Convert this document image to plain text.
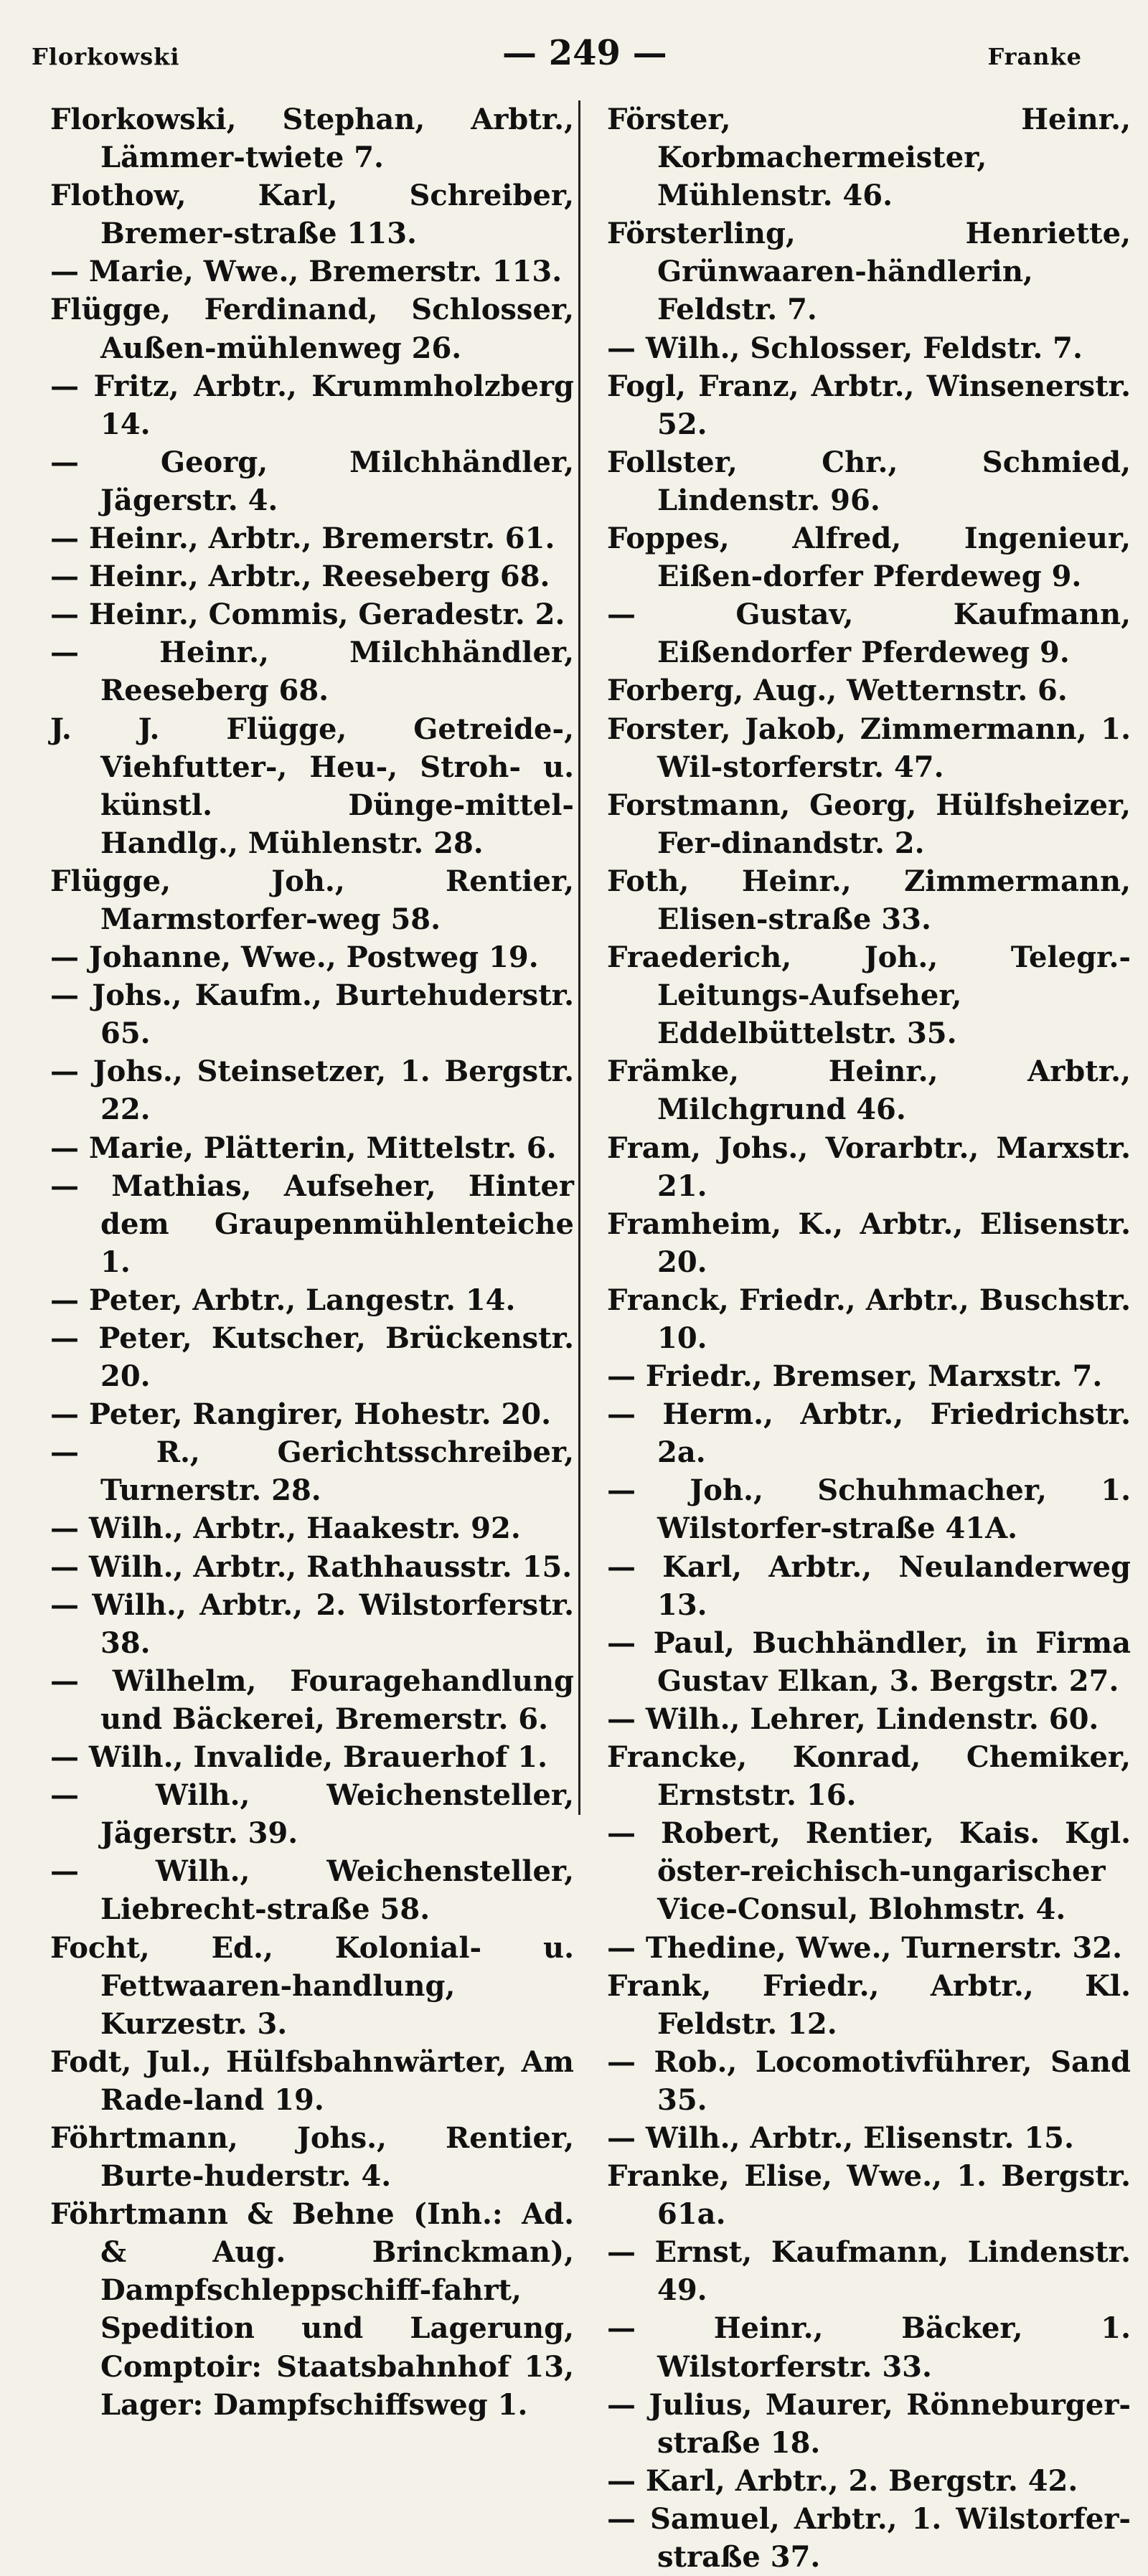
Florkowski	— 249 —	Franke
Florkowski, Stephan, Arbtr., Lämmer-twiete 7.
Flothow, Karl, Schreiber, Bremer-straße 113.
— Marie, Wwe., Bremerstr. 113.
Flügge, Ferdinand, Schlosser, Außen-mühlenweg 26.
— Fritz, Arbtr., Krummholzberg 14.
— Georg, Milchhändler, Jägerstr. 4.
— Heinr., Arbtr., Bremerstr. 61.
— Heinr., Arbtr., Reeseberg 68.
— Heinr., Commis, Geradestr. 2.
— Heinr., Milchhändler, Reeseberg 68.
J. J. Flügge, Getreide-, Viehfutter-, Heu-, Stroh- u. künstl. Dünge-mittel-Handlg., Mühlenstr. 28.
Flügge, Joh., Rentier, Marmstorfer-weg 58.
— Johanne, Wwe., Postweg 19.
— Johs., Kaufm., Burtehuderstr. 65.
— Johs., Steinsetzer, 1. Bergstr. 22.
— Marie, Plätterin, Mittelstr. 6.
— Mathias, Aufseher, Hinter dem Graupenmühlenteiche 1.
— Peter, Arbtr., Langestr. 14.
— Peter, Kutscher, Brückenstr. 20.
— Peter, Rangirer, Hohestr. 20.
— R., Gerichtsschreiber, Turnerstr. 28.
— Wilh., Arbtr., Haakestr. 92.
— Wilh., Arbtr., Rathhausstr. 15.
— Wilh., Arbtr., 2. Wilstorferstr. 38.
— Wilhelm, Fouragehandlung und Bäckerei, Bremerstr. 6.
— Wilh., Invalide, Brauerhof 1.
— Wilh., Weichensteller, Jägerstr. 39.
— Wilh., Weichensteller, Liebrecht-straße 58.
Focht, Ed., Kolonial- u. Fettwaaren-handlung, Kurzestr. 3.
Fodt, Jul., Hülfsbahnwärter, Am Rade-land 19.
Föhrtmann, Johs., Rentier, Burte-huderstr. 4.
Föhrtmann & Behne (Inh.: Ad. & Aug. Brinckman), Dampfschleppschiff-fahrt, Spedition und Lagerung, Comptoir: Staatsbahnhof 13, Lager: Dampfschiffsweg 1.
Förster, Heinr., Korbmachermeister, Mühlenstr. 46.
Försterling, Henriette, Grünwaaren-händlerin, Feldstr. 7.
— Wilh., Schlosser, Feldstr. 7.
Fogl, Franz, Arbtr., Winsenerstr. 52.
Follster, Chr., Schmied, Lindenstr. 96.
Foppes, Alfred, Ingenieur, Eißen-dorfer Pferdeweg 9.
— Gustav, Kaufmann, Eißendorfer Pferdeweg 9.
Forberg, Aug., Wetternstr. 6.
Forster, Jakob, Zimmermann, 1. Wil-storferstr. 47.
Forstmann, Georg, Hülfsheizer, Fer-dinandstr. 2.
Foth, Heinr., Zimmermann, Elisen-straße 33.
Fraederich, Joh., Telegr.-Leitungs-Aufseher, Eddelbüttelstr. 35.
Främke, Heinr., Arbtr., Milchgrund 46.
Fram, Johs., Vorarbtr., Marxstr. 21.
Framheim, K., Arbtr., Elisenstr. 20.
Franck, Friedr., Arbtr., Buschstr. 10.
— Friedr., Bremser, Marxstr. 7.
— Herm., Arbtr., Friedrichstr. 2a.
— Joh., Schuhmacher, 1. Wilstorfer-straße 41A.
— Karl, Arbtr., Neulanderweg 13.
— Paul, Buchhändler, in Firma Gustav Elkan, 3. Bergstr. 27.
— Wilh., Lehrer, Lindenstr. 60.
Francke, Konrad, Chemiker, Ernststr. 16.
— Robert, Rentier, Kais. Kgl. öster-reichisch-ungarischer Vice-Consul, Blohmstr. 4.
— Thedine, Wwe., Turnerstr. 32.
Frank, Friedr., Arbtr., Kl. Feldstr. 12.
— Rob., Locomotivführer, Sand 35.
— Wilh., Arbtr., Elisenstr. 15.
Franke, Elise, Wwe., 1. Bergstr. 61a.
— Ernst, Kaufmann, Lindenstr. 49.
— Heinr., Bäcker, 1. Wilstorferstr. 33.
— Julius, Maurer, Rönneburger-straße 18.
— Karl, Arbtr., 2. Bergstr. 42.
— Samuel, Arbtr., 1. Wilstorfer-straße 37.
